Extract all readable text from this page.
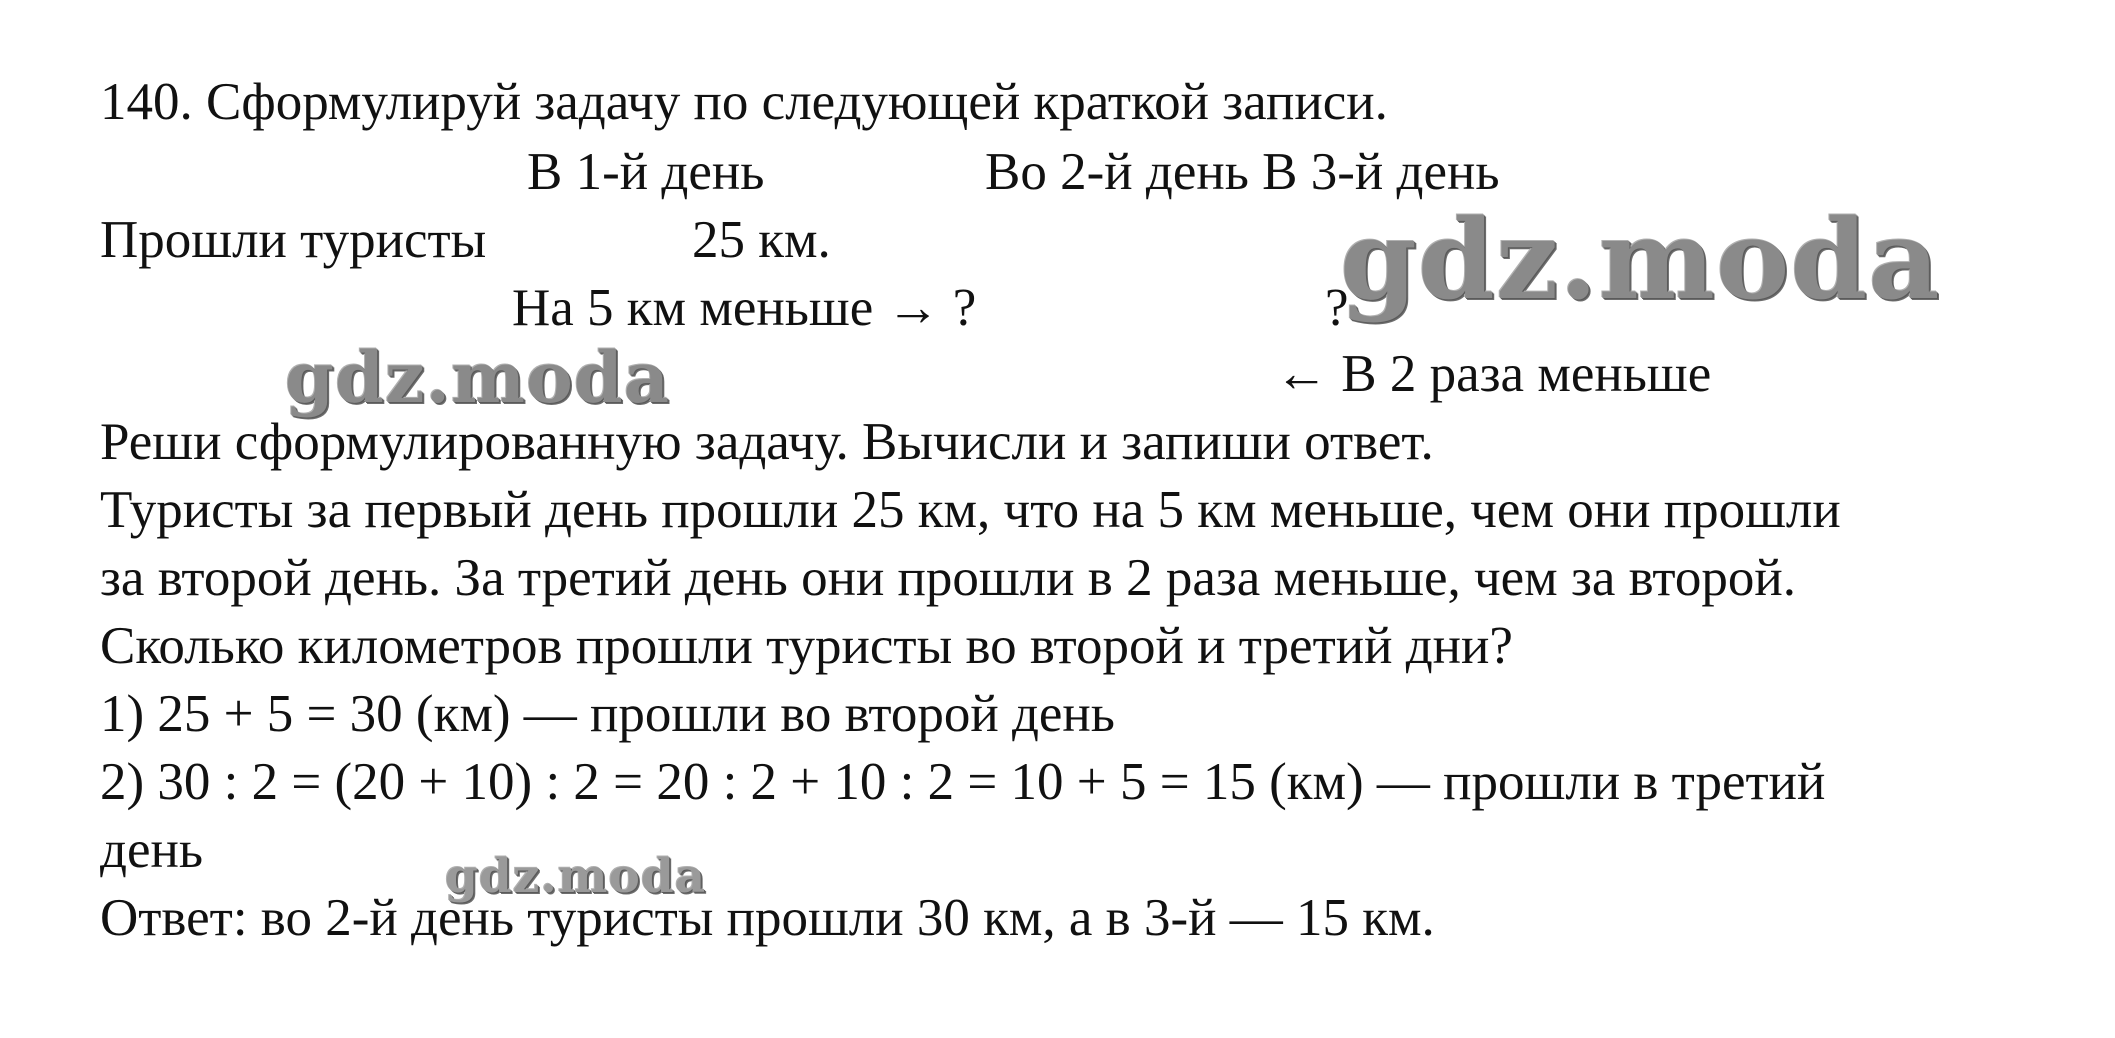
gdz.moda
gdz.moda
gdz.moda

140. Сформулируй задачу по следующей краткой записи.

В 1-й день	Во 2-й день В 3-й день

Прошли туристы	25 км.

На 5 км меньше → ?	?

← В 2 раза меньше

Реши сформулированную задачу. Вычисли и запиши ответ.

Туристы за первый день прошли 25 км, что на 5 км меньше, чем они прошли

за второй день. За третий день они прошли в 2 раза меньше, чем за второй.

Сколько километров прошли туристы во второй и третий дни?

1) 25 + 5 = 30 (км) — прошли во второй день

2) 30 : 2 = (20 + 10) : 2 = 20 : 2 + 10 : 2 = 10 + 5 = 15 (км) — прошли в третий

день

Ответ: во 2-й день туристы прошли 30 км, а в 3-й — 15 км.
